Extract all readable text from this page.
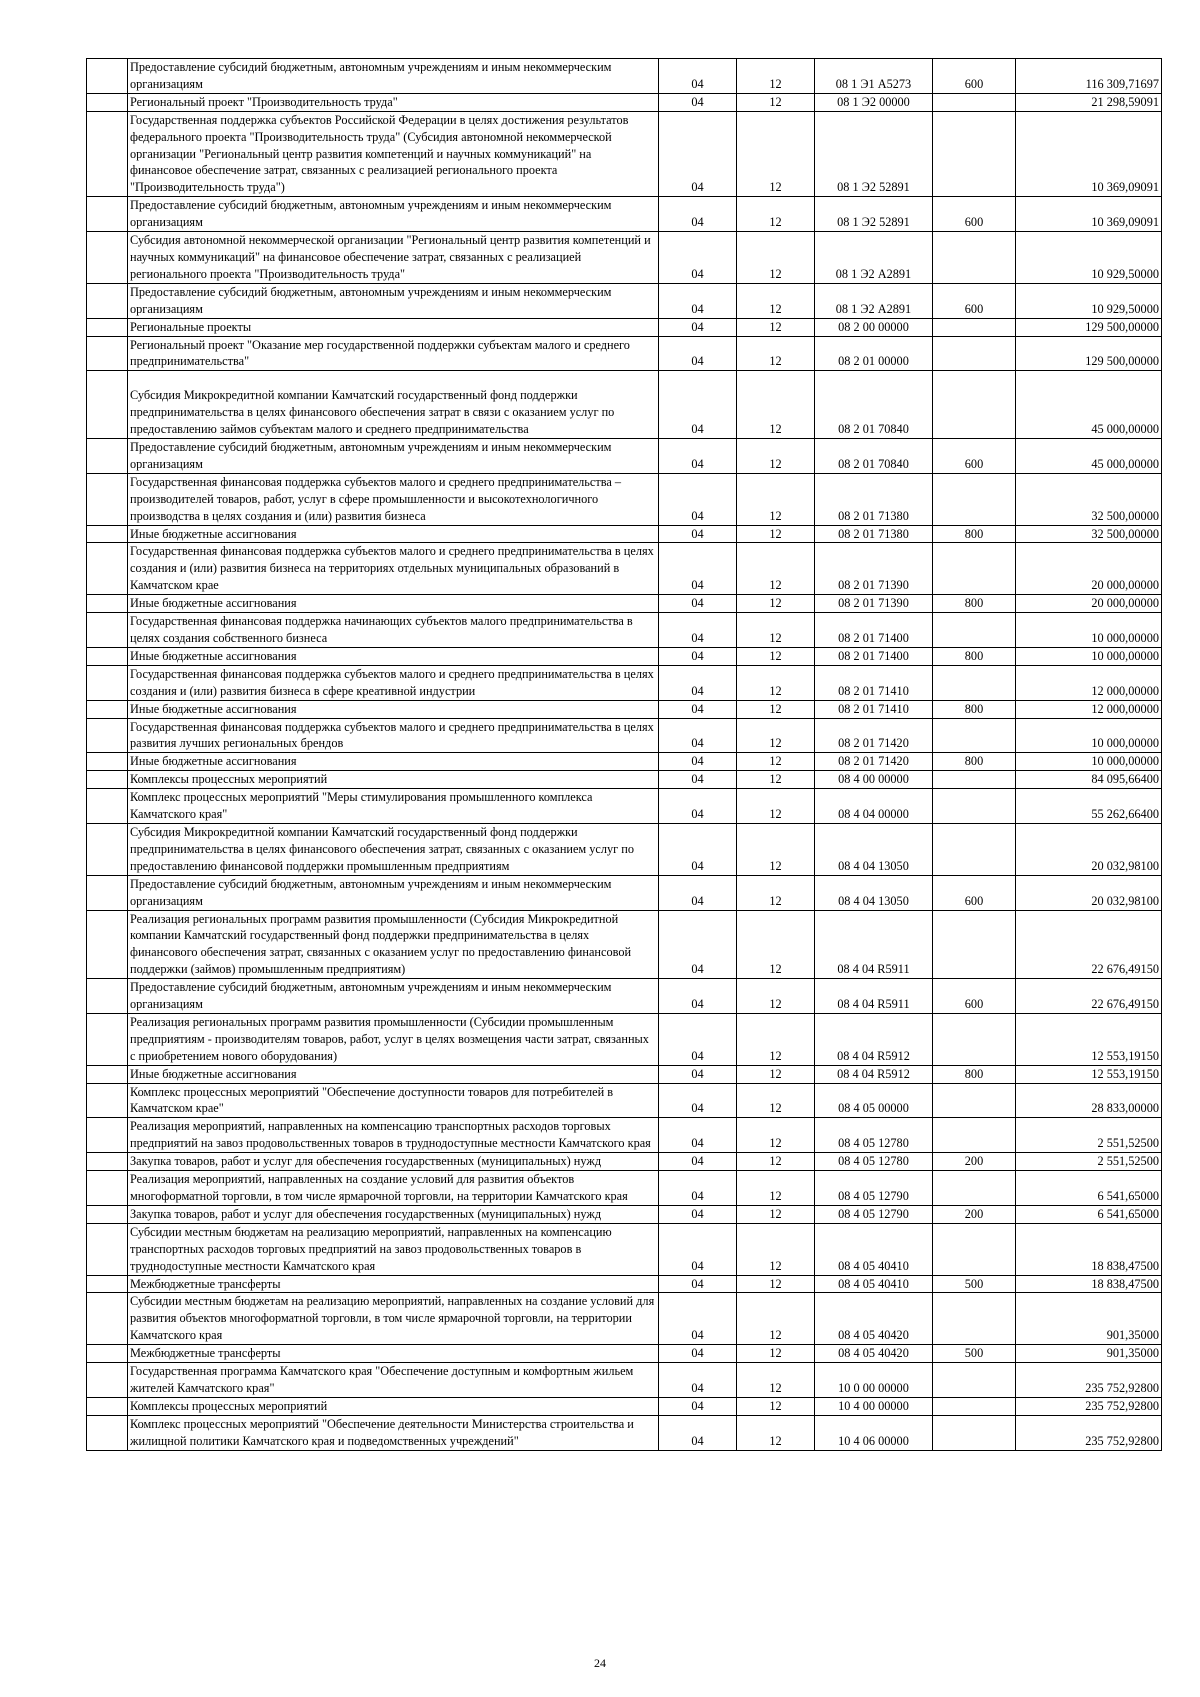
	Предоставление субсидий бюджетным, автономным учреждениям и иным некоммерческим организациям	04	12	08 1 Э1 А5273	600	116 309,71697
	Региональный проект "Производительность труда"	04	12	08 1 Э2 00000		21 298,59091
	Государственная поддержка субъектов Российской Федерации в целях достижения результатов федерального проекта "Производительность труда" (Субсидия автономной некоммерческой организации "Региональный центр развития компетенций и научных коммуникаций" на финансовое обеспечение затрат, связанных с реализацией регионального проекта "Производительность труда")	04	12	08 1 Э2 52891		10 369,09091
	Предоставление субсидий бюджетным, автономным учреждениям и иным некоммерческим организациям	04	12	08 1 Э2 52891	600	10 369,09091
	Субсидия автономной некоммерческой организации "Региональный центр развития компетенций и научных коммуникаций" на финансовое обеспечение затрат, связанных с реализацией регионального проекта "Производительность труда"	04	12	08 1 Э2 А2891		10 929,50000
	Предоставление субсидий бюджетным, автономным учреждениям и иным некоммерческим организациям	04	12	08 1 Э2 А2891	600	10 929,50000
	Региональные проекты	04	12	08 2 00 00000		129 500,00000
	Региональный проект "Оказание мер государственной поддержки субъектам малого и среднего предпринимательства"	04	12	08 2 01 00000		129 500,00000
	Субсидия Микрокредитной компании Камчатский государственный фонд поддержки предпринимательства в целях финансового обеспечения затрат в связи с оказанием услуг по предоставлению займов субъектам малого и среднего предпринимательства	04	12	08 2 01 70840		45 000,00000
	Предоставление субсидий бюджетным, автономным учреждениям и иным некоммерческим организациям	04	12	08 2 01 70840	600	45 000,00000
	Государственная финансовая поддержка субъектов малого и среднего предпринимательства – производителей товаров, работ, услуг в сфере промышленности и высокотехнологичного производства в целях создания и (или) развития бизнеса	04	12	08 2 01 71380		32 500,00000
	Иные бюджетные ассигнования	04	12	08 2 01 71380	800	32 500,00000
	Государственная финансовая поддержка субъектов малого и среднего предпринимательства в целях создания и (или) развития бизнеса на территориях отдельных муниципальных образований в Камчатском крае	04	12	08 2 01 71390		20 000,00000
	Иные бюджетные ассигнования	04	12	08 2 01 71390	800	20 000,00000
	Государственная финансовая поддержка начинающих субъектов малого предпринимательства в целях создания собственного бизнеса	04	12	08 2 01 71400		10 000,00000
	Иные бюджетные ассигнования	04	12	08 2 01 71400	800	10 000,00000
	Государственная финансовая поддержка субъектов малого и среднего предпринимательства в целях создания и (или) развития бизнеса в сфере креативной индустрии	04	12	08 2 01 71410		12 000,00000
	Иные бюджетные ассигнования	04	12	08 2 01 71410	800	12 000,00000
	Государственная финансовая поддержка субъектов малого и среднего предпринимательства в целях развития лучших региональных брендов	04	12	08 2 01 71420		10 000,00000
	Иные бюджетные ассигнования	04	12	08 2 01 71420	800	10 000,00000
	Комплексы процессных мероприятий	04	12	08 4 00 00000		84 095,66400
	Комплекс процессных мероприятий "Меры стимулирования промышленного комплекса Камчатского края"	04	12	08 4 04 00000		55 262,66400
	Субсидия Микрокредитной компании Камчатский государственный фонд поддержки предпринимательства в целях финансового обеспечения затрат, связанных с оказанием услуг по предоставлению финансовой поддержки промышленным предприятиям	04	12	08 4 04 13050		20 032,98100
	Предоставление субсидий бюджетным, автономным учреждениям и иным некоммерческим организациям	04	12	08 4 04 13050	600	20 032,98100
	Реализация региональных программ развития промышленности (Субсидия Микрокредитной компании Камчатский государственный фонд поддержки предпринимательства в целях финансового обеспечения затрат, связанных с оказанием услуг по предоставлению финансовой поддержки (займов) промышленным предприятиям)	04	12	08 4 04 R5911		22 676,49150
	Предоставление субсидий бюджетным, автономным учреждениям и иным некоммерческим организациям	04	12	08 4 04 R5911	600	22 676,49150
	Реализация региональных программ развития промышленности (Субсидии промышленным предприятиям - производителям товаров, работ, услуг в целях возмещения части затрат, связанных с приобретением нового оборудования)	04	12	08 4 04 R5912		12 553,19150
	Иные бюджетные ассигнования	04	12	08 4 04 R5912	800	12 553,19150
	Комплекс процессных мероприятий "Обеспечение доступности товаров для потребителей в Камчатском крае"	04	12	08 4 05 00000		28 833,00000
	Реализация мероприятий, направленных на компенсацию транспортных расходов торговых предприятий на завоз продовольственных товаров в труднодоступные местности Камчатского края	04	12	08 4 05 12780		2 551,52500
	Закупка товаров, работ и услуг для обеспечения государственных (муниципальных) нужд	04	12	08 4 05 12780	200	2 551,52500
	Реализация мероприятий, направленных на создание условий для развития объектов многоформатной торговли, в том числе ярмарочной торговли, на территории Камчатского края	04	12	08 4 05 12790		6 541,65000
	Закупка товаров, работ и услуг для обеспечения государственных (муниципальных) нужд	04	12	08 4 05 12790	200	6 541,65000
	Субсидии местным бюджетам на реализацию мероприятий, направленных на компенсацию транспортных расходов торговых предприятий на завоз продовольственных товаров в труднодоступные местности Камчатского края	04	12	08 4 05 40410		18 838,47500
	Межбюджетные трансферты	04	12	08 4 05 40410	500	18 838,47500
	Субсидии местным бюджетам на реализацию мероприятий, направленных на создание условий для развития объектов многоформатной торговли, в том числе ярмарочной торговли, на территории Камчатского края	04	12	08 4 05 40420		901,35000
	Межбюджетные трансферты	04	12	08 4 05 40420	500	901,35000
	Государственная программа Камчатского края "Обеспечение доступным и комфортным жильем жителей Камчатского края"	04	12	10 0 00 00000		235 752,92800
	Комплексы процессных мероприятий	04	12	10 4 00 00000		235 752,92800
	Комплекс процессных мероприятий "Обеспечение деятельности Министерства строительства и жилищной политики Камчатского края и подведомственных учреждений"	04	12	10 4 06 00000		235 752,92800
24
